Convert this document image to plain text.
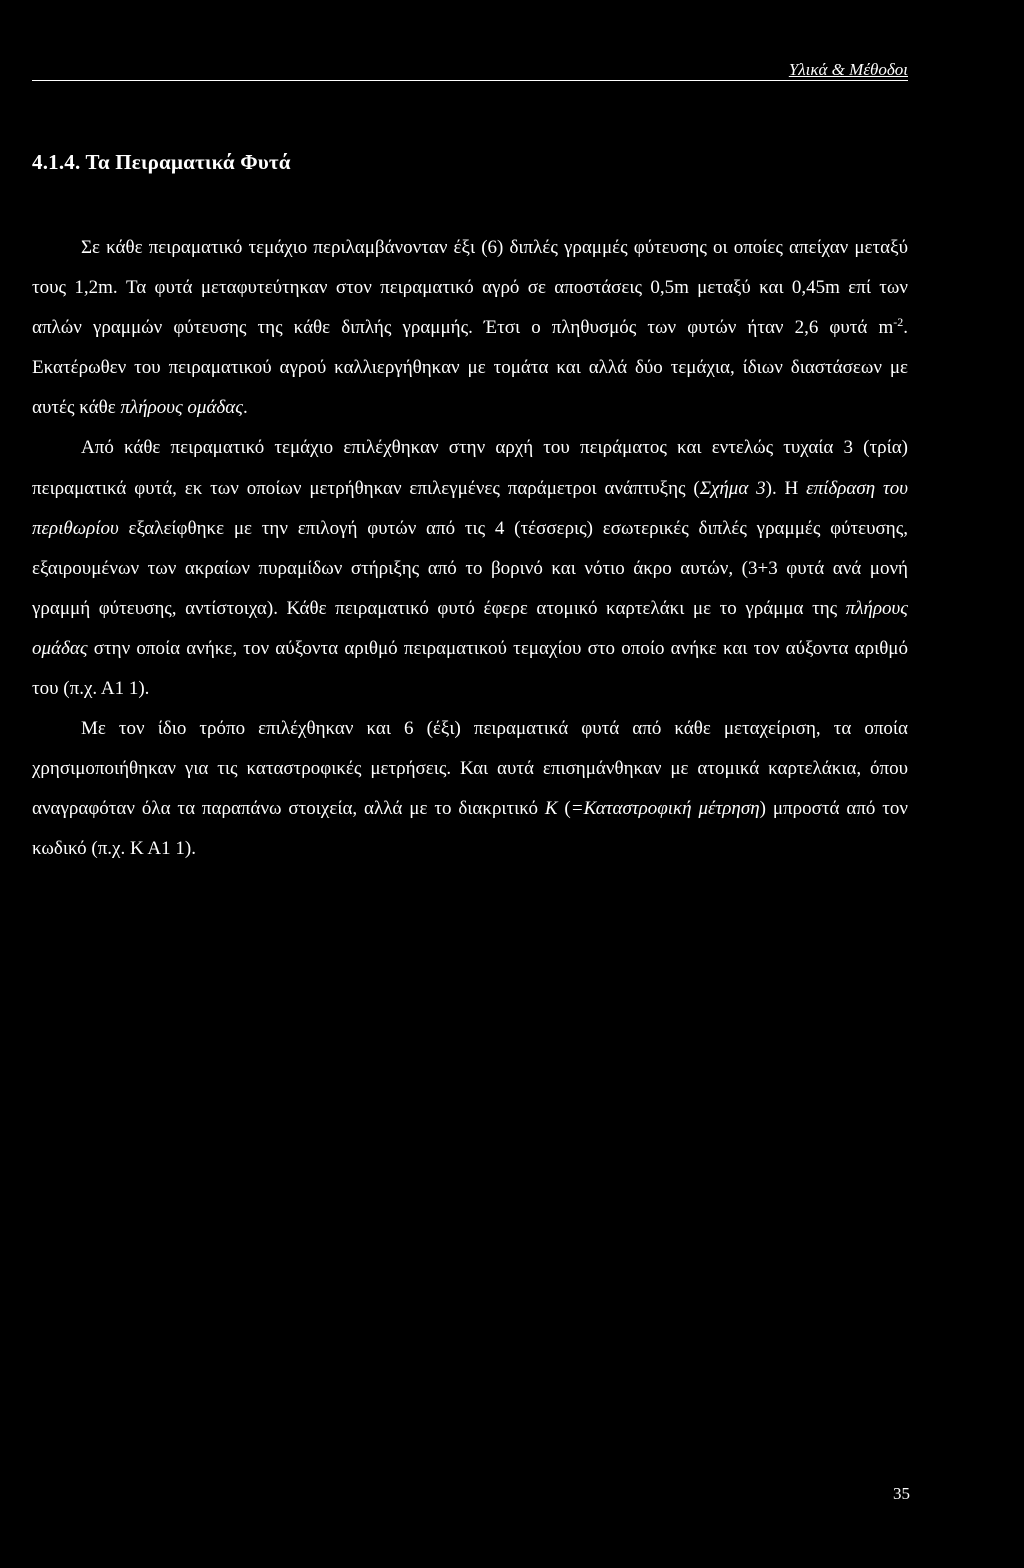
Υλικά & Μέθοδοι
4.1.4. Τα Πειραματικά Φυτά

Σε κάθε πειραματικό τεμάχιο περιλαμβάνονταν έξι (6) διπλές γραμμές φύτευσης οι οποίες απείχαν μεταξύ τους 1,2m. Τα φυτά μεταφυτεύτηκαν στον πειραματικό αγρό σε αποστάσεις 0,5m μεταξύ και 0,45m επί των απλών γραμμών φύτευσης της κάθε διπλής γραμμής. Έτσι ο πληθυσμός των φυτών ήταν 2,6 φυτά $m^{-2}$. Εκατέρωθεν του πειραματικού αγρού καλλιεργήθηκαν με τομάτα και αλλά δύο τεμάχια, ίδιων διαστάσεων με αυτές κάθε πλήρους ομάδας.

Από κάθε πειραματικό τεμάχιο επιλέχθηκαν στην αρχή του πειράματος και εντελώς τυχαία 3 (τρία) πειραματικά φυτά, εκ των οποίων μετρήθηκαν επιλεγμένες παράμετροι ανάπτυξης (Σχήμα 3). Η επίδραση του περιθωρίου εξαλείφθηκε με την επιλογή φυτών από τις 4 (τέσσερις) εσωτερικές διπλές γραμμές φύτευσης, εξαιρουμένων των ακραίων πυραμίδων στήριξης από το βορινό και νότιο άκρο αυτών, (3+3 φυτά ανά μονή γραμμή φύτευσης, αντίστοιχα). Κάθε πειραματικό φυτό έφερε ατομικό καρτελάκι με το γράμμα της πλήρους ομάδας στην οποία ανήκε, τον αύξοντα αριθμό πειραματικού τεμαχίου στο οποίο ανήκε και τον αύξοντα αριθμό του (π.χ. Α1 1).

Με τον ίδιο τρόπο επιλέχθηκαν και 6 (έξι) πειραματικά φυτά από κάθε μεταχείριση, τα οποία χρησιμοποιήθηκαν για τις καταστροφικές μετρήσεις. Και αυτά επισημάνθηκαν με ατομικά καρτελάκια, όπου αναγραφόταν όλα τα παραπάνω στοιχεία, αλλά με το διακριτικό Κ (=Καταστροφική μέτρηση) μπροστά από τον κωδικό (π.χ. Κ Α1 1).

35
